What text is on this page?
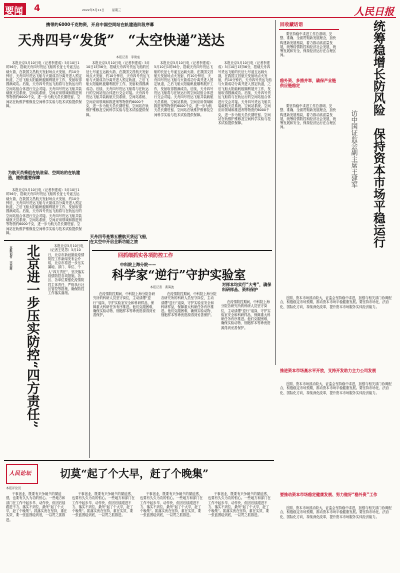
要闻 4	2022年5月11日	星期三	人民日报
携带约6000千克物资，开启中国空间站在轨建造阶段序幕
天舟四号“发货”　“太空快递”送达
本报记者　李建成

本报北京5月10日电（记者李建成）5月10日1时56分，搭载天舟四号货运飞船的长征七号遥五运载火箭，在我国文昌航天发射场点火发射，约10分钟后，天舟四号货运飞船与火箭成功分离并进入预定轨道，之后飞船太阳能帆板顺利展开工作，发射取得圆满成功。后续，天舟四号货运飞船将与在轨运行的空间站组合体进行交会对接。天舟四号货运飞船共装载航天员系统、空间站系统、空间应用领域和推进剂等物资约6000千克，进一步为航天员长期驻留、空间站在轨维护维修及空间科学实验与技术试验提供保障。

本报北京5月10日电（记者李建成）5月10日1时56分，搭载天舟四号货运飞船的长征七号遥五运载火箭，在我国文昌航天发射场点火发射，约10分钟后，天舟四号货运飞船与火箭成功分离并进入预定轨道，之后飞船太阳能帆板顺利展开工作，发射取得圆满成功。后续，天舟四号货运飞船将与在轨运行的空间站组合体进行交会对接。天舟四号货运飞船共装载航天员系统、空间站系统、空间应用领域和推进剂等物资约6000千克，进一步为航天员长期驻留、空间站在轨维护维修及空间科学实验与技术试验提供保障。

本报北京5月10日电（记者李建成）5月10日1时56分，搭载天舟四号货运飞船的长征七号遥五运载火箭，在我国文昌航天发射场点火发射，约10分钟后，天舟四号货运飞船与火箭成功分离并进入预定轨道，之后飞船太阳能帆板顺利展开工作，发射取得圆满成功。后续，天舟四号货运飞船将与在轨运行的空间站组合体进行交会对接。天舟四号货运飞船共装载航天员系统、空间站系统、空间应用领域和推进剂等物资约6000千克，进一步为航天员长期驻留、空间站在轨维护维修及空间科学实验与技术试验提供保障。

本报北京5月10日电（记者李建成）5月10日1时56分，搭载天舟四号货运飞船的长征七号遥五运载火箭，在我国文昌航天发射场点火发射，约10分钟后，天舟四号货运飞船与火箭成功分离并进入预定轨道，之后飞船太阳能帆板顺利展开工作，发射取得圆满成功。后续，天舟四号货运飞船将与在轨运行的空间站组合体进行交会对接。天舟四号货运飞船共装载航天员系统、空间站系统、空间应用领域和推进剂等物资约6000千克，进一步为航天员长期驻留、空间站在轨维护维修及空间科学实验与技术试验提供保障。

为航天员乘组在轨驻留、空间站的在轨建造，提供重要保障

本报北京5月10日电（记者李建成）5月10日1时56分，搭载天舟四号货运飞船的长征七号遥五运载火箭，在我国文昌航天发射场点火发射，约10分钟后，天舟四号货运飞船与火箭成功分离并进入预定轨道，之后飞船太阳能帆板顺利展开工作，发射取得圆满成功。后续，天舟四号货运飞船将与在轨运行的空间站组合体进行交会对接。天舟四号货运飞船共装载航天员系统、空间站系统、空间应用领域和推进剂等物资约6000千克，进一步为航天员长期驻留、空间站在轨维护维修及空间科学实验与技术试验提供保障。

天舟四号是第五艘航天货运飞船，在太空中开启全新功能之旅
回收藏话语

要坚持稳中求进工作总基调，完整、准确、全面贯彻新发展理念，加快构建新发展格局，着力推动高质量发展，统筹疫情防控和经济社会发展，统筹发展和安全，保持经济运行在合理区间。

稳外资、多措并举，确保产业链供应链稳定

要坚持稳中求进工作总基调，完整、准确、全面贯彻新发展理念，加快构建新发展格局，着力推动高质量发展，统筹疫情防控和经济社会发展，统筹发展和安全，保持经济运行在合理区间。	统筹稳增长防风险　保持资本市场平稳运行
访中国证监会副主席王建军

近期，资本市场波动较大，证监会坚持稳中求进，加强与相关部门协调配合，积极稳定市场预期，推动资本市场平稳健康发展。要坚持市场化、法治化、国际化方向，持续深化改革，提升资本市场服务实体经济能力。

北京进一步压实防控“四方责任”
本报记者　王昊男	本报北京5月10日电（记者王昊男）5月10日，北京市新冠肺炎疫情防控工作新闻发布会介绍，北京市将进一步压实属地、部门、单位、个人“四方责任”，坚决落实疫情防控各项措施。各区、各单位要强化疫情防控主体责任，严格执行社区管控等措施，确保防控工作落实落细。

回抓细抓实各项防控工作
中科院上海分院——
科学家“逆行”守护实验室
本报记者　黄海波

在疫情防控期间，中科院上海分院各研究所的科研人员坚守岗位，主动请缨“逆行”返岗，守护实验室安全和科研样品，保障重大科研任务有序推进。他们克服困难，确保实验动物、细胞样本等珍贵资源得到妥善保护。

在疫情防控期间，中科院上海分院各研究所的科研人员坚守岗位，主动请缨“逆行”返岗，守护实验室安全和科研样品，保障重大科研任务有序推进。他们克服困难，确保实验动物、细胞样本等珍贵资源得到妥善保护。

对样本均实行“大考”，确保科研样品、资料保护

在疫情防控期间，中科院上海分院各研究所的科研人员坚守岗位，主动请缨“逆行”返岗，守护实验室安全和科研样品，保障重大科研任务有序推进。他们克服困难，确保实验动物、细胞样本等珍贵资源得到妥善保护。

推进资本市场高水平开放，支持开发助力主力公司发展

近期，资本市场波动较大，证监会坚持稳中求进，加强与相关部门协调配合，积极稳定市场预期，推动资本市场平稳健康发展。要坚持市场化、法治化、国际化方向，持续深化改革，提升资本市场服务实体经济能力。

要推动资本市场稳定健康发展、努力做好“稳外资”工作

近期，资本市场波动较大，证监会坚持稳中求进，加强与相关部门协调配合，积极稳定市场预期，推动资本市场平稳健康发展。要坚持市场化、法治化、国际化方向，持续深化改革，提升资本市场服务实体经济能力。

人民论坛	切莫“起了个大早，赶了个晚集”
本报评论员

干事创业，既要有只争朝夕的紧迫感，也要有久久为功的恒心。一些地方和部门在工作中起步早、动作快，但因后续跟进不力、落实不到位，最终“起了个大早，赶了个晚集”。抓落实贵在坚持，重在实效，要一张蓝图绘到底，一以贯之抓推进。

干事创业，既要有只争朝夕的紧迫感，也要有久久为功的恒心。一些地方和部门在工作中起步早、动作快，但因后续跟进不力、落实不到位，最终“起了个大早，赶了个晚集”。抓落实贵在坚持，重在实效，要一张蓝图绘到底，一以贯之抓推进。

干事创业，既要有只争朝夕的紧迫感，也要有久久为功的恒心。一些地方和部门在工作中起步早、动作快，但因后续跟进不力、落实不到位，最终“起了个大早，赶了个晚集”。抓落实贵在坚持，重在实效，要一张蓝图绘到底，一以贯之抓推进。

干事创业，既要有只争朝夕的紧迫感，也要有久久为功的恒心。一些地方和部门在工作中起步早、动作快，但因后续跟进不力、落实不到位，最终“起了个大早，赶了个晚集”。抓落实贵在坚持，重在实效，要一张蓝图绘到底，一以贯之抓推进。
